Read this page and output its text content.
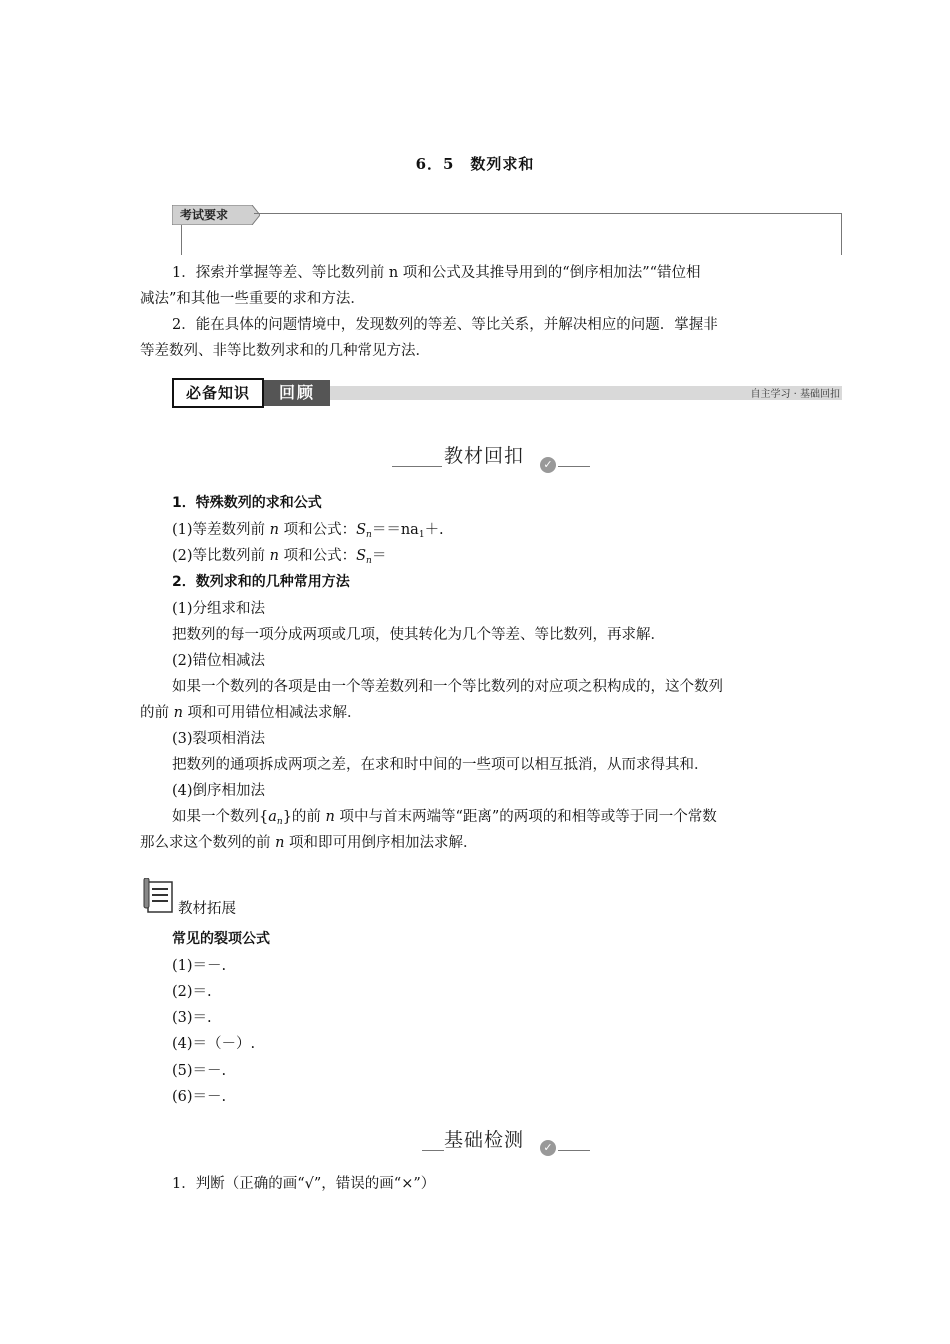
6．5　数列求和
考试要求
1．探索并掌握等差、等比数列前 n 项和公式及其推导用到的“倒序相加法”“错位相
减法”和其他一些重要的求和方法．
2．能在具体的问题情境中，发现数列的等差、等比关系，并解决相应的问题．掌握非
等差数列、非等比数列求和的几种常见方法．
必备知识	回顾	自主学习 · 基础回扣
教材回扣	✓
1．特殊数列的求和公式
(1)等差数列前 n 项和公式：$S_n==na_1+$.
(2)等比数列前 n 项和公式：$S_n=$
2．数列求和的几种常用方法
(1)分组求和法
把数列的每一项分成两项或几项，使其转化为几个等差、等比数列，再求解．
(2)错位相减法
如果一个数列的各项是由一个等差数列和一个等比数列的对应项之积构成的，这个数列
的前 n 项和可用错位相减法求解．
(3)裂项相消法
把数列的通项拆成两项之差，在求和时中间的一些项可以相互抵消，从而求得其和．
(4)倒序相加法
如果一个数列$\{a_n\}$的前 n 项中与首末两端等“距离”的两项的和相等或等于同一个常数
那么求这个数列的前 n 项和即可用倒序相加法求解．
教材拓展
常见的裂项公式
(1)＝－.
(2)＝.
(3)＝.
(4)＝（－）.
(5)＝－.
(6)＝－.
基础检测	✓
1．判断（正确的画“√”，错误的画“×”）
